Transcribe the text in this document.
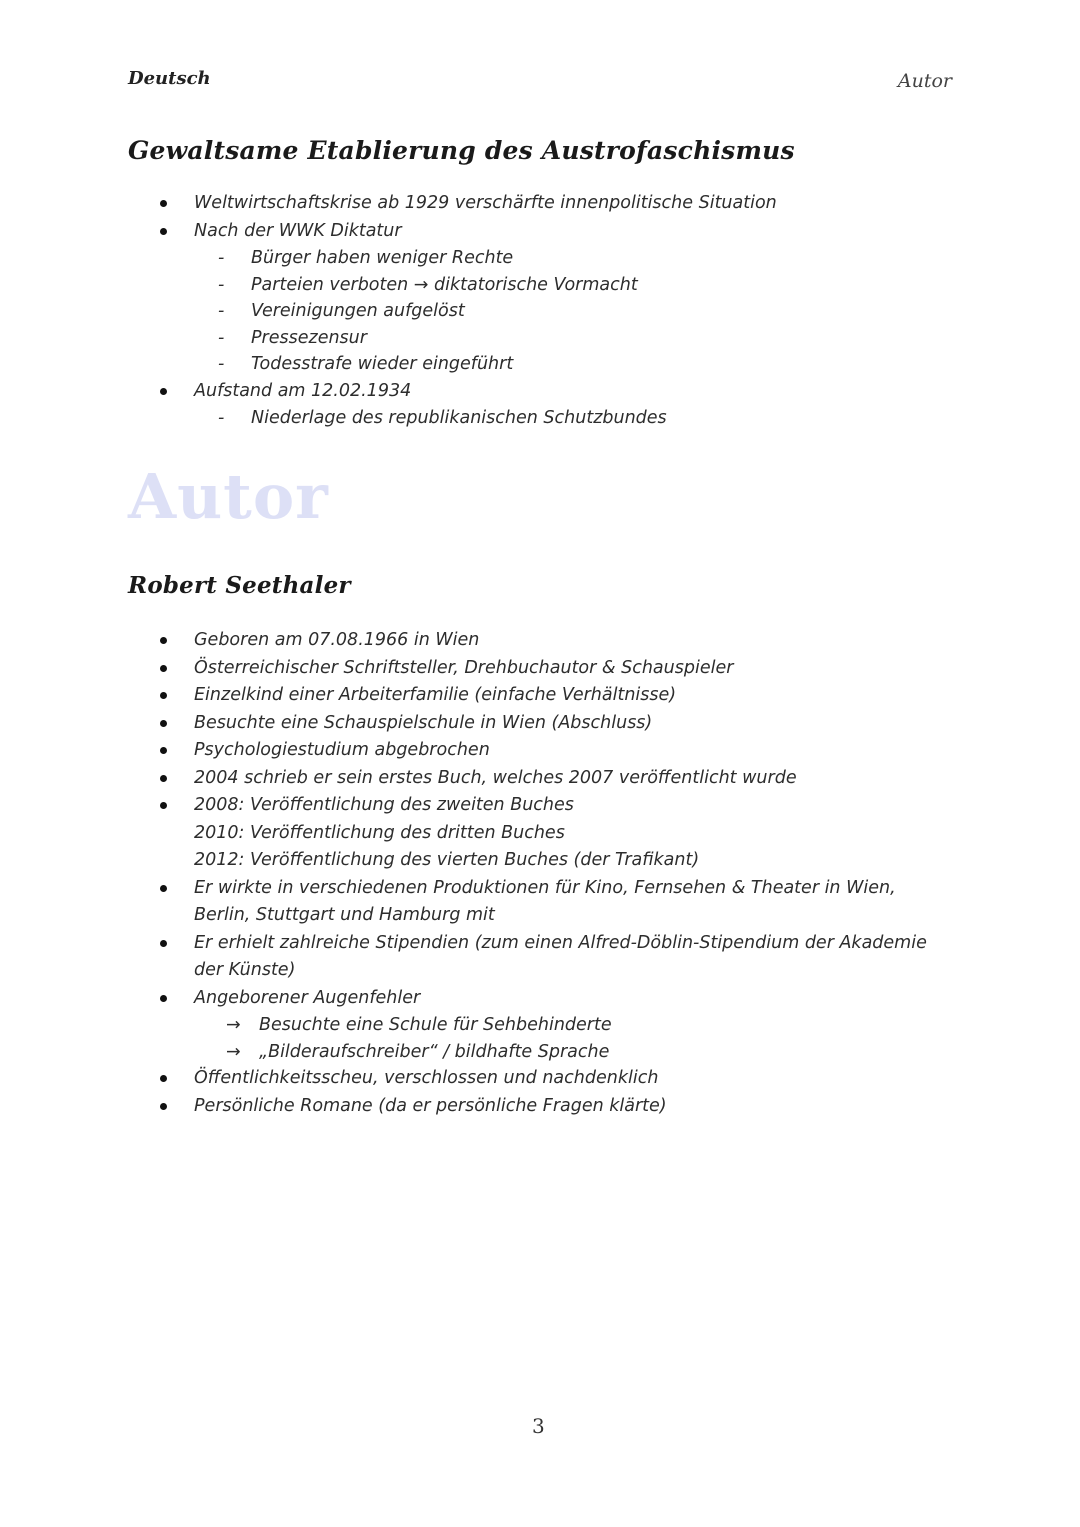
Deutsch	Autor
Gewaltsame Etablierung des Austrofaschismus
Weltwirtschaftskrise ab 1929 verschärfte innenpolitische Situation
Nach der WWK Diktatur
- Bürger haben weniger Rechte
- Parteien verboten → diktatorische Vormacht
- Vereinigungen aufgelöst
- Pressezensur
- Todesstrafe wieder eingeführt
Aufstand am 12.02.1934
- Niederlage des republikanischen Schutzbundes
Autor
Robert Seethaler
Geboren am 07.08.1966 in Wien
Österreichischer Schriftsteller, Drehbuchautor & Schauspieler
Einzelkind einer Arbeiterfamilie (einfache Verhältnisse)
Besuchte eine Schauspielschule in Wien (Abschluss)
Psychologiestudium abgebrochen
2004 schrieb er sein erstes Buch, welches 2007 veröffentlicht wurde
2008: Veröffentlichung des zweiten Buches
2010: Veröffentlichung des dritten Buches
2012: Veröffentlichung des vierten Buches (der Trafikant)
Er wirkte in verschiedenen Produktionen für Kino, Fernsehen & Theater in Wien, Berlin, Stuttgart und Hamburg mit
Er erhielt zahlreiche Stipendien (zum einen Alfred-Döblin-Stipendium der Akademie der Künste)
Angeborener Augenfehler
→ Besuchte eine Schule für Sehbehinderte
→ „Bilderaufschreiber“ / bildhafte Sprache
Öffentlichkeitsscheu, verschlossen und nachdenklich
Persönliche Romane (da er persönliche Fragen klärte)
3
